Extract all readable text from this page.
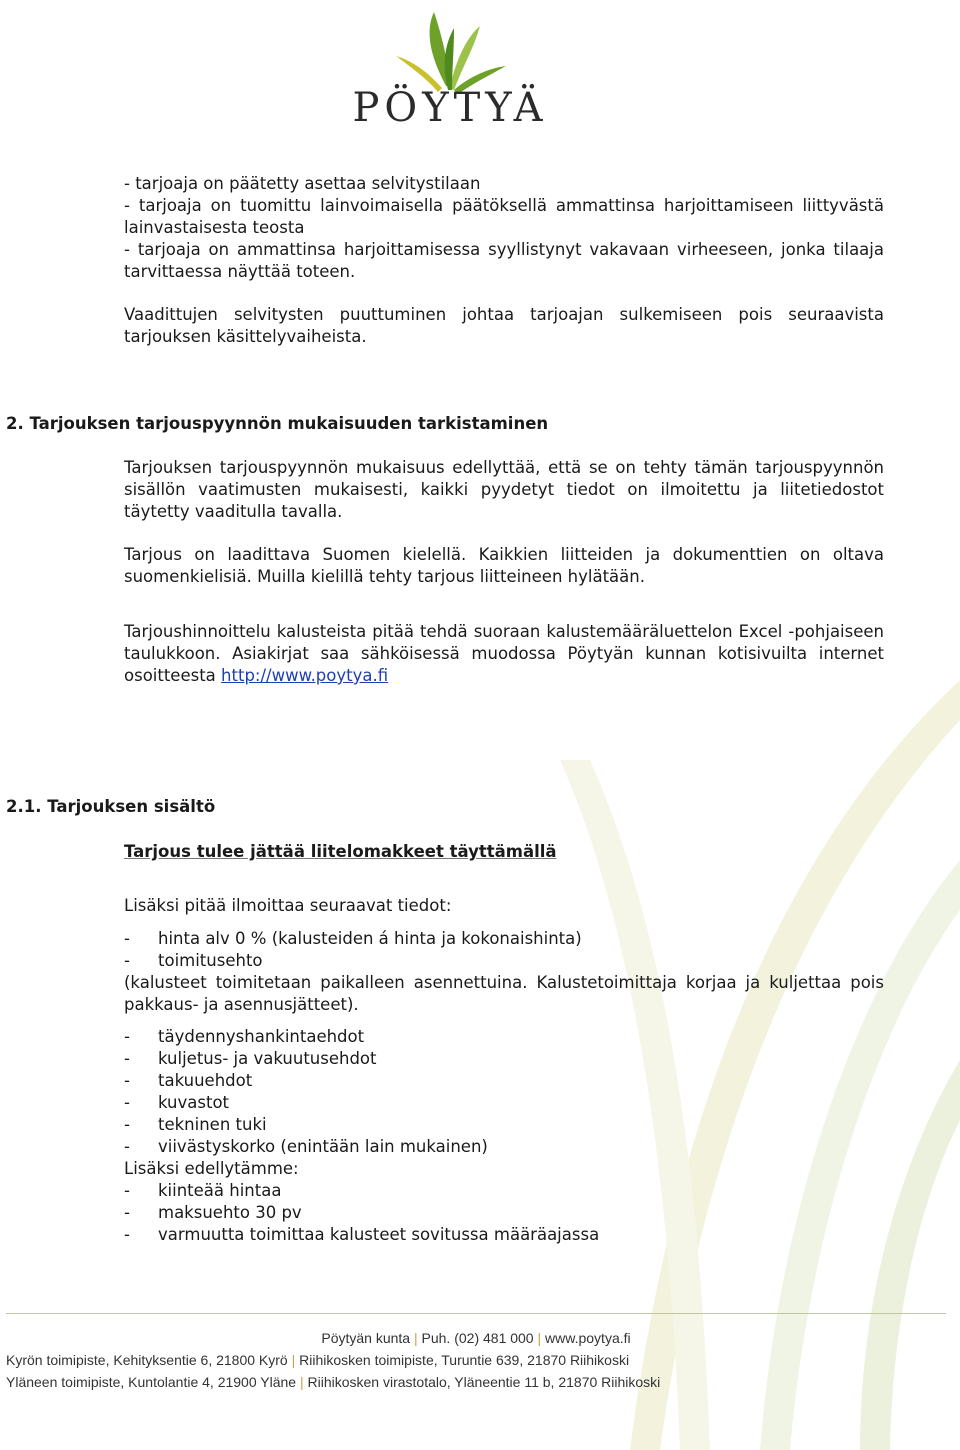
PÖYTYÄ
- tarjoaja on päätetty asettaa selvitystilaan
- tarjoaja on tuomittu lainvoimaisella päätöksellä ammattinsa harjoittamiseen liittyvästä
lainvastaisesta teosta
- tarjoaja on ammattinsa harjoittamisessa syyllistynyt vakavaan virheeseen, jonka tilaaja
tarvittaessa näyttää toteen.
Vaadittujen selvitysten puuttuminen johtaa tarjoajan sulkemiseen pois seuraavista
tarjouksen käsittelyvaiheista.
2. Tarjouksen tarjouspyynnön mukaisuuden tarkistaminen
Tarjouksen tarjouspyynnön mukaisuus edellyttää, että se on tehty tämän tarjouspyynnön sisällön vaatimusten mukaisesti, kaikki pyydetyt tiedot on ilmoitettu ja liitetiedostot täytetty vaaditulla tavalla.
Tarjous on laadittava Suomen kielellä. Kaikkien liitteiden ja dokumenttien on oltava suomenkielisiä. Muilla kielillä tehty tarjous liitteineen hylätään.
Tarjoushinnoittelu kalusteista pitää tehdä suoraan kalustemääräluettelon Excel -pohjaiseen taulukkoon. Asiakirjat saa sähköisessä muodossa Pöytyän kunnan kotisivuilta internet osoitteesta http://www.poytya.fi
2.1. Tarjouksen sisältö
Tarjous tulee jättää liitelomakkeet täyttämällä
Lisäksi pitää ilmoittaa seuraavat tiedot:
- hinta alv 0 % (kalusteiden á hinta ja kokonaishinta)
- toimitusehto
(kalusteet toimitetaan paikalleen asennettuina. Kalustetoimittaja korjaa ja kuljettaa pois pakkaus- ja asennusjätteet).
- täydennyshankintaehdot
- kuljetus- ja vakuutusehdot
- takuuehdot
- kuvastot
- tekninen tuki
- viivästyskorko (enintään lain mukainen)
Lisäksi edellytämme:
- kiinteää hintaa
- maksuehto 30 pv
- varmuutta toimittaa kalusteet sovitussa määräajassa
Pöytyän kunta | Puh. (02) 481 000 | www.poytya.fi
Kyrön toimipiste, Kehityksentie 6, 21800 Kyrö | Riihikosken toimipiste, Turuntie 639, 21870 Riihikoski
Yläneen toimipiste, Kuntolantie 4, 21900 Yläne | Riihikosken virastotalo, Yläneentie 11 b, 21870 Riihikoski
